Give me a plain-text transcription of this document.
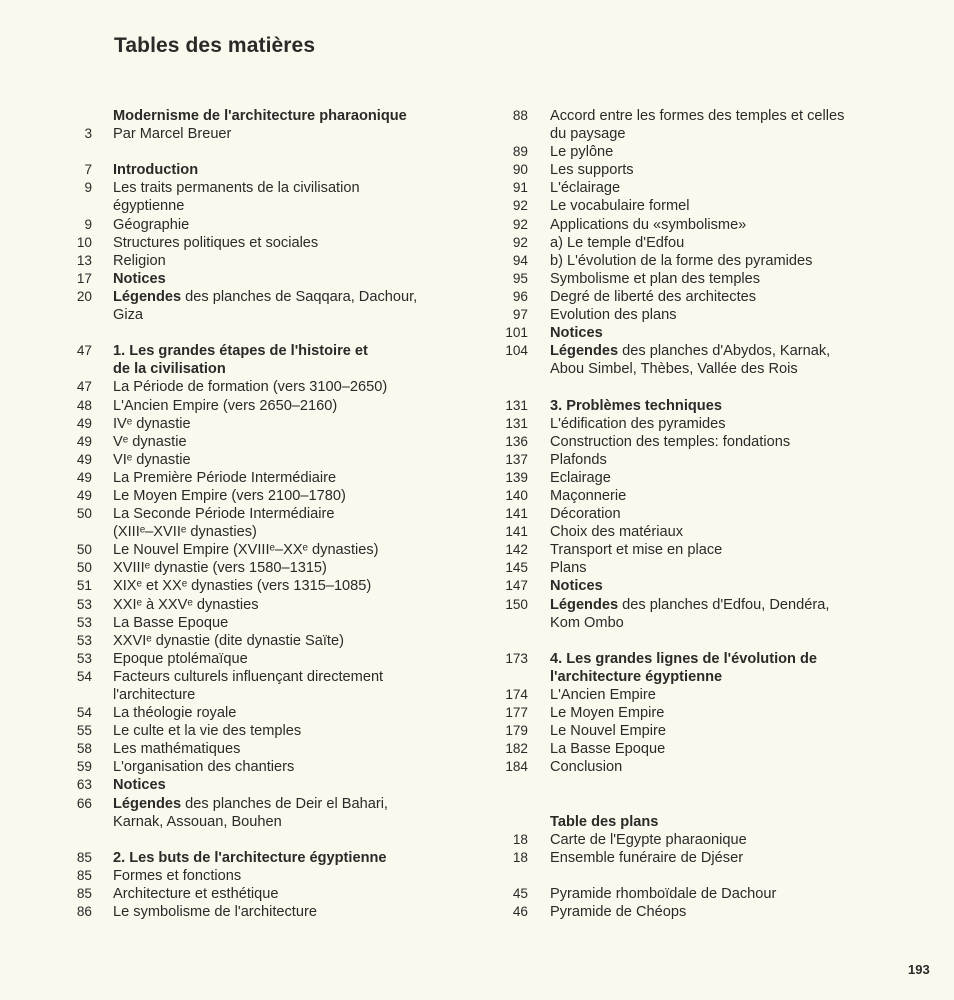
Tables des matières
Modernisme de l'architecture pharaonique
3 Par Marcel Breuer
7 Introduction
9 Les traits permanents de la civilisation
égyptienne
9 Géographie
10 Structures politiques et sociales
13 Religion
17 Notices
20 Légendes des planches de Saqqara, Dachour,
Giza
47 1. Les grandes étapes de l'histoire et
de la civilisation
47 La Période de formation (vers 3100–2650)
48 L'Ancien Empire (vers 2650–2160)
49 IVᵉ dynastie
49 Vᵉ dynastie
49 VIᵉ dynastie
49 La Première Période Intermédiaire
49 Le Moyen Empire (vers 2100–1780)
50 La Seconde Période Intermédiaire
(XIIIᵉ–XVIIᵉ dynasties)
50 Le Nouvel Empire (XVIIIᵉ–XXᵉ dynasties)
50 XVIIIᵉ dynastie (vers 1580–1315)
51 XIXᵉ et XXᵉ dynasties (vers 1315–1085)
53 XXIᵉ à XXVᵉ dynasties
53 La Basse Epoque
53 XXVIᵉ dynastie (dite dynastie Saïte)
53 Epoque ptolémaïque
54 Facteurs culturels influençant directement
l'architecture
54 La théologie royale
55 Le culte et la vie des temples
58 Les mathématiques
59 L'organisation des chantiers
63 Notices
66 Légendes des planches de Deir el Bahari,
Karnak, Assouan, Bouhen
85 2. Les buts de l'architecture égyptienne
85 Formes et fonctions
85 Architecture et esthétique
86 Le symbolisme de l'architecture
88 Accord entre les formes des temples et celles
du paysage
89 Le pylône
90 Les supports
91 L'éclairage
92 Le vocabulaire formel
92 Applications du «symbolisme»
92 a) Le temple d'Edfou
94 b) L'évolution de la forme des pyramides
95 Symbolisme et plan des temples
96 Degré de liberté des architectes
97 Evolution des plans
101 Notices
104 Légendes des planches d'Abydos, Karnak,
Abou Simbel, Thèbes, Vallée des Rois
131 3. Problèmes techniques
131 L'édification des pyramides
136 Construction des temples: fondations
137 Plafonds
139 Eclairage
140 Maçonnerie
141 Décoration
141 Choix des matériaux
142 Transport et mise en place
145 Plans
147 Notices
150 Légendes des planches d'Edfou, Dendéra,
Kom Ombo
173 4. Les grandes lignes de l'évolution de
l'architecture égyptienne
174 L'Ancien Empire
177 Le Moyen Empire
179 Le Nouvel Empire
182 La Basse Epoque
184 Conclusion
Table des plans
18 Carte de l'Egypte pharaonique
18 Ensemble funéraire de Djéser
45 Pyramide rhomboïdale de Dachour
46 Pyramide de Chéops
193
